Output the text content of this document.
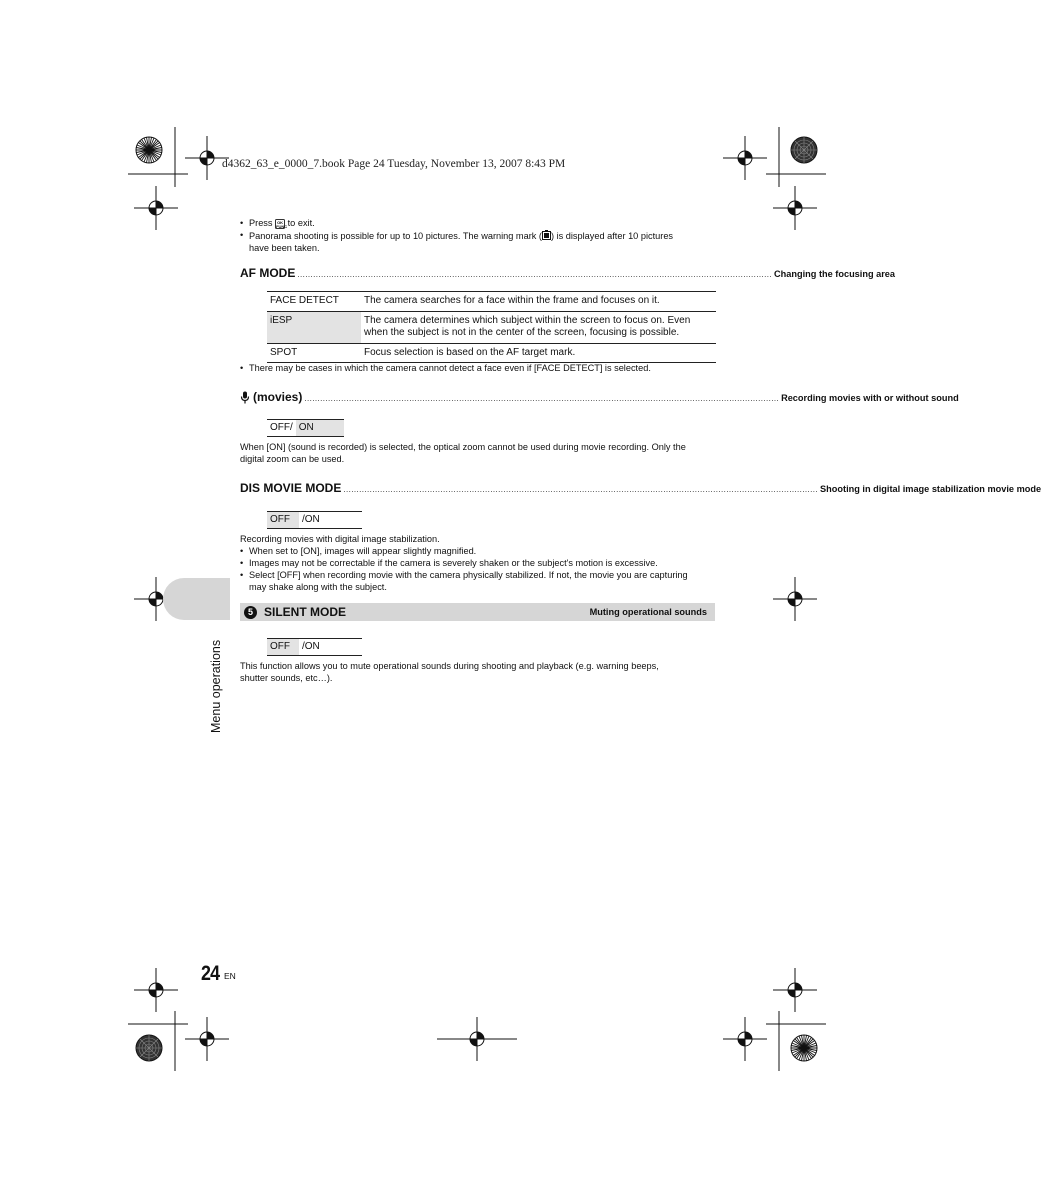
d4362_63_e_0000_7.book Page 24 Tuesday, November 13, 2007 8:43 PM
• Press OK
FUNC to exit.
• Panorama shooting is possible for up to 10 pictures. The warning mark ( ) is displayed after 10 pictures
have been taken.
AF MODE ..................................................................................................................................................................................... Changing the focusing area
FACE DETECT	The camera searches for a face within the frame and focuses on it.
iESP	The camera determines which subject within the screen to focus on. Even when the subject is not in the center of the screen, focusing is possible.
SPOT	Focus selection is based on the AF target mark.
• There may be cases in which the camera cannot detect a face even if [FACE DETECT] is selected.
(movies) ..................................................................................................................................................................................... Recording movies with or without sound
OFF/ ON
When [ON] (sound is recorded) is selected, the optical zoom cannot be used during movie recording. Only the
digital zoom can be used.
DIS MOVIE MODE ..................................................................................................................................................................................... Shooting in digital image stabilization movie mode
OFF	/ON
Recording movies with digital image stabilization.
• When set to [ON], images will appear slightly magnified.
• Images may not be correctable if the camera is severely shaken or the subject's motion is excessive.
• Select [OFF] when recording movie with the camera physically stabilized. If not, the movie you are capturing
may shake along with the subject.
Menu operations
5 SILENT MODE	Muting operational sounds
OFF	/ON
This function allows you to mute operational sounds during shooting and playback (e.g. warning beeps,
shutter sounds, etc…).
24 EN
